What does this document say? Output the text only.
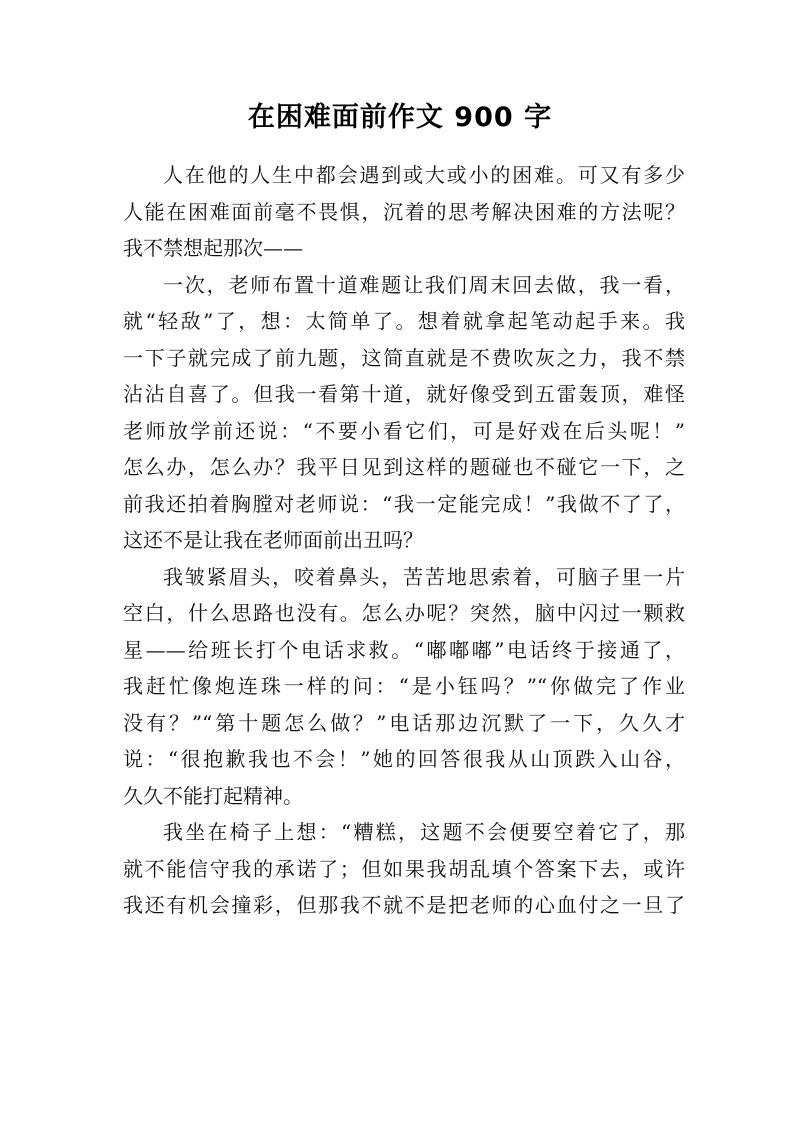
在困难面前作文 900 字
人在他的人生中都会遇到或大或小的困难。可又有多少
人能在困难面前毫不畏惧，沉着的思考解决困难的方法呢？
我不禁想起那次——
一次，老师布置十道难题让我们周末回去做，我一看，
就“轻敌”了，想：太简单了。想着就拿起笔动起手来。我
一下子就完成了前九题，这简直就是不费吹灰之力，我不禁
沾沾自喜了。但我一看第十道，就好像受到五雷轰顶，难怪
老师放学前还说：“不要小看它们，可是好戏在后头呢！”
怎么办，怎么办？我平日见到这样的题碰也不碰它一下，之
前我还拍着胸膛对老师说：“我一定能完成！”我做不了了，
这还不是让我在老师面前出丑吗？
我皱紧眉头，咬着鼻头，苦苦地思索着，可脑子里一片
空白，什么思路也没有。怎么办呢？突然，脑中闪过一颗救
星——给班长打个电话求救。“嘟嘟嘟”电话终于接通了，
我赶忙像炮连珠一样的问：“是小钰吗？”“你做完了作业
没有？”“第十题怎么做？”电话那边沉默了一下，久久才
说：“很抱歉我也不会！”她的回答很我从山顶跌入山谷，
久久不能打起精神。
我坐在椅子上想：“糟糕，这题不会便要空着它了，那
就不能信守我的承诺了；但如果我胡乱填个答案下去，或许
我还有机会撞彩，但那我不就不是把老师的心血付之一旦了
